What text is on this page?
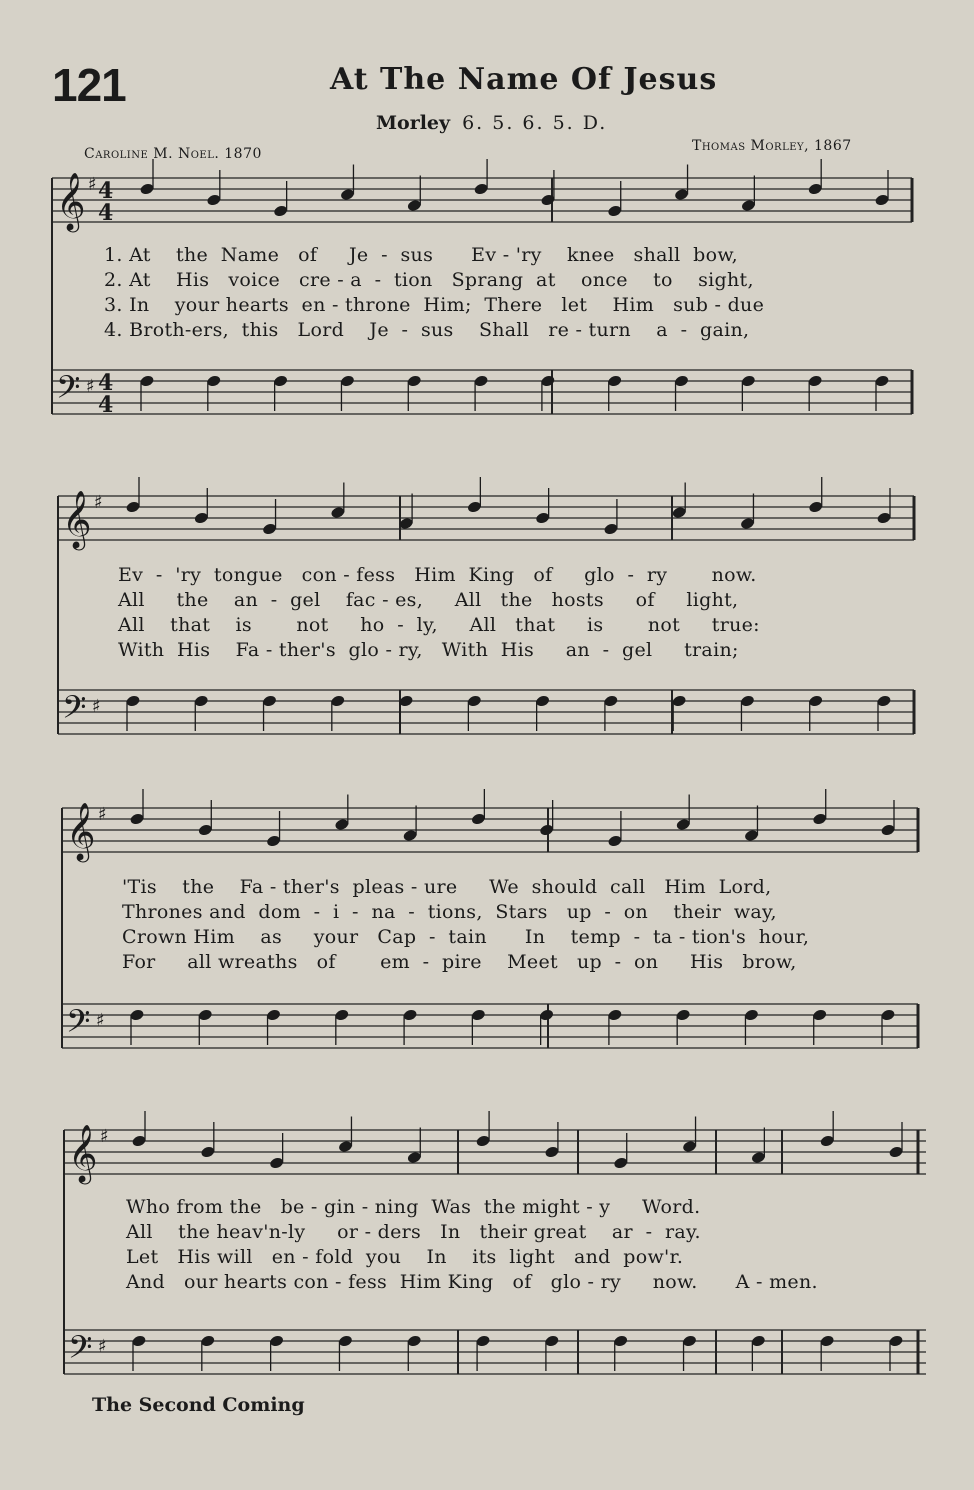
121	At The Name Of Jesus
Morley 6. 5. 6. 5. D.
Caroline M. Noel. 1870	Thomas Morley, 1867
𝄞
𝄢
♯
♯
4
4
4
4
𝄞
𝄢
♯
♯
𝄞
𝄢
♯
♯
𝄞
𝄢
♯
♯
1. At    the  Name   of     Je  -  sus      Ev - 'ry    knee   shall  bow,
2. At    His   voice   cre - a  -  tion   Sprang  at    once    to    sight,
3. In    your hearts  en - throne  Him;  There   let    Him   sub - due
4. Broth-ers,  this   Lord    Je  -  sus    Shall   re - turn    a  -  gain,
Ev  -  'ry  tongue   con - fess   Him  King   of     glo  -  ry       now.
All     the    an  -  gel    fac - es,     All   the   hosts     of     light,
All    that    is       not     ho  -  ly,     All   that     is       not     true:
With  His    Fa - ther's  glo - ry,   With  His     an  -  gel     train;
'Tis    the    Fa - ther's  pleas - ure     We  should  call   Him  Lord,
Thrones and  dom  -  i  -  na  -  tions,  Stars   up  -  on    their  way,
Crown Him    as     your   Cap  -  tain      In    temp  -  ta - tion's  hour,
For     all wreaths   of       em  -  pire    Meet   up  -  on     His   brow,
Who from the   be - gin - ning  Was  the might - y     Word.
All    the heav'n-ly     or - ders   In   their great    ar  -  ray.
Let   His will   en - fold  you    In    its  light   and  pow'r.
And   our hearts con - fess  Him King   of   glo - ry     now.      A - men.
The Second Coming
